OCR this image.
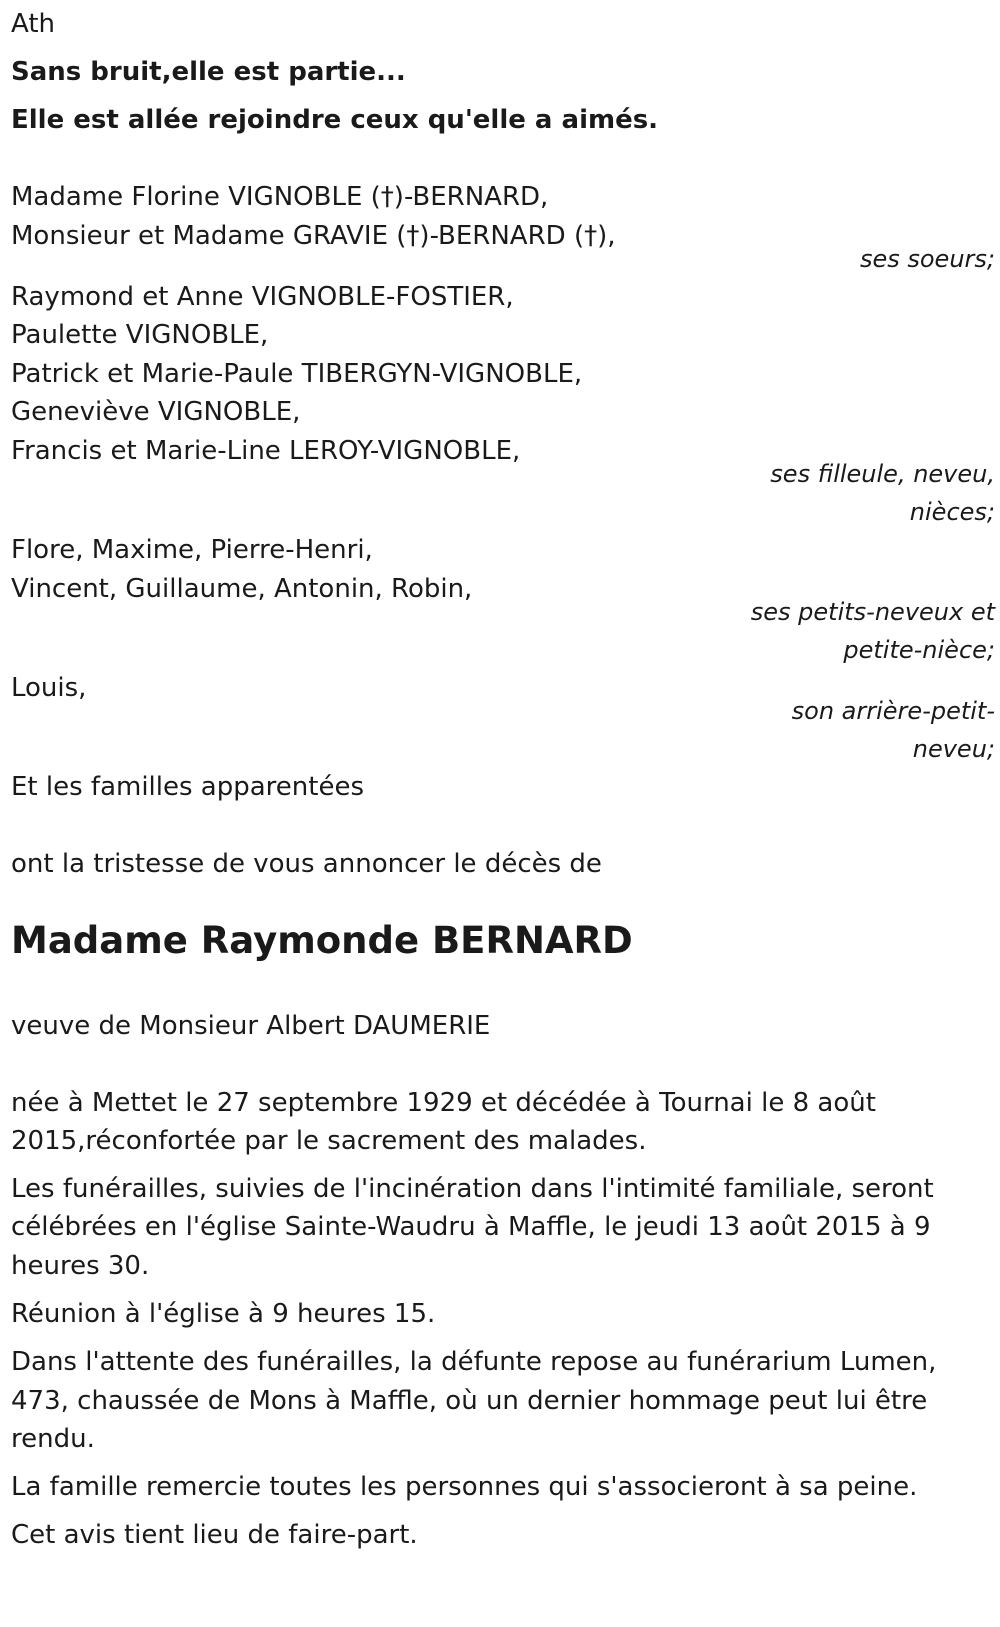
Ath
Sans bruit,elle est partie...
Elle est allée rejoindre ceux qu'elle a aimés.
Madame Florine VIGNOBLE (†)-BERNARD,
Monsieur et Madame GRAVIE (†)-BERNARD (†),
ses soeurs;
Raymond et Anne VIGNOBLE-FOSTIER,
Paulette VIGNOBLE,
Patrick et Marie-Paule TIBERGYN-VIGNOBLE,
Geneviève VIGNOBLE,
Francis et Marie-Line LEROY-VIGNOBLE,
ses filleule, neveu,
nièces;
Flore, Maxime, Pierre-Henri,
Vincent, Guillaume, Antonin, Robin,
ses petits-neveux et
petite-nièce;
Louis,
son arrière-petit-
neveu;
Et les familles apparentées
ont la tristesse de vous annoncer le décès de
Madame Raymonde BERNARD
veuve de Monsieur Albert DAUMERIE
née à Mettet le 27 septembre 1929 et décédée à Tournai le 8 août
2015,réconfortée par le sacrement des malades.
Les funérailles, suivies de l'incinération dans l'intimité familiale, seront
célébrées en l'église Sainte-Waudru à Maffle, le jeudi 13 août 2015 à 9
heures 30.
Réunion à l'église à 9 heures 15.
Dans l'attente des funérailles, la défunte repose au funérarium Lumen,
473, chaussée de Mons à Maffle, où un dernier hommage peut lui être
rendu.
La famille remercie toutes les personnes qui s'associeront à sa peine.
Cet avis tient lieu de faire-part.
